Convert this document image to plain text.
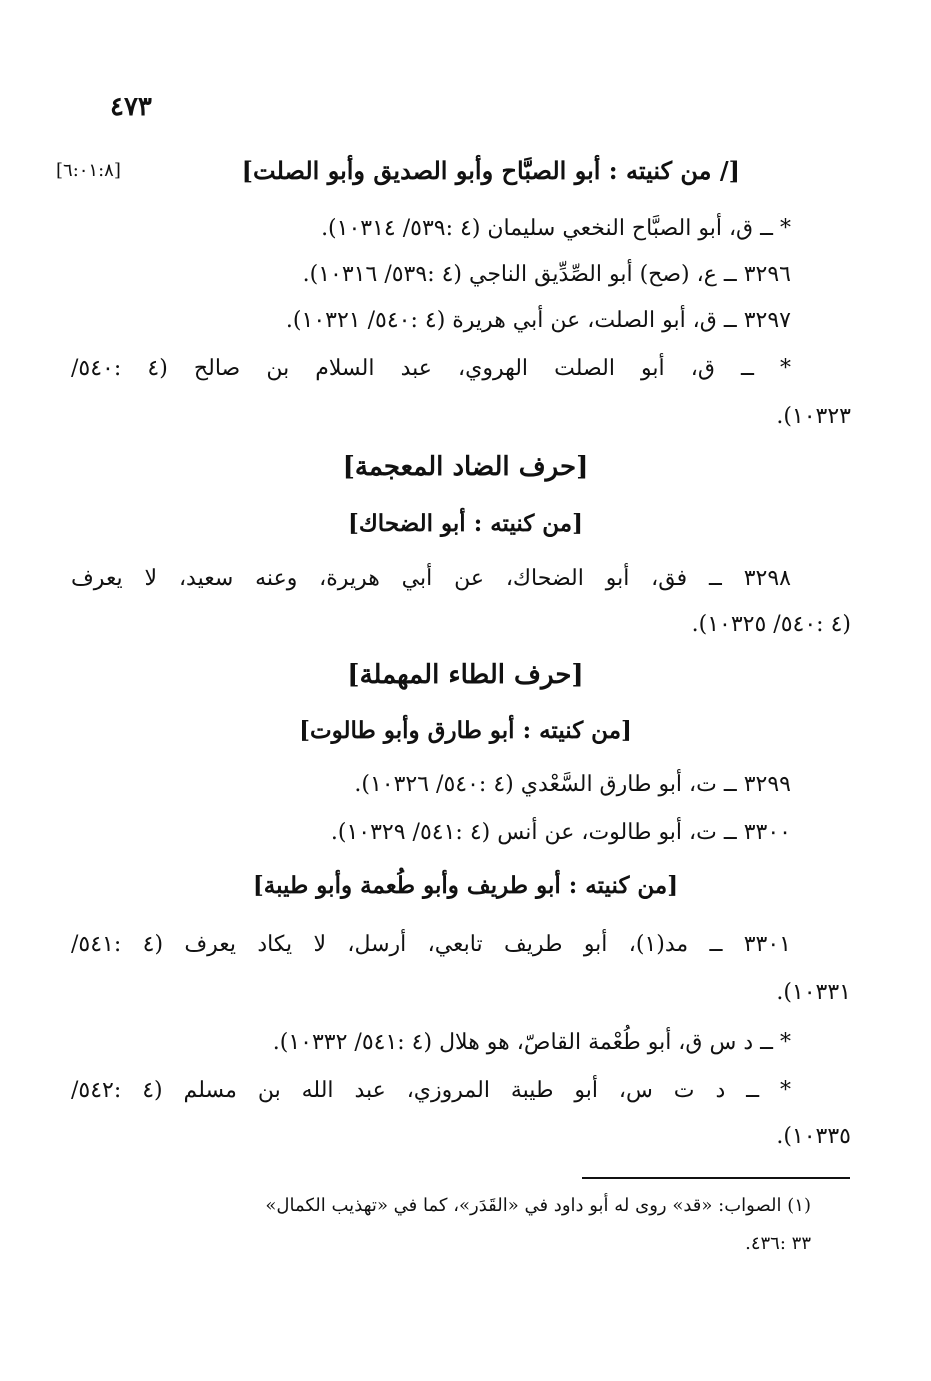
٤٧٣
[٦:٠١:٨]	[/ من كنيته : أبو الصبَّاح وأبو الصديق وأبو الصلت]
* ــ ق، أبو الصبَّاح النخعي سليمان (٤ :٥٣٩/ ١٠٣١٤).
٣٢٩٦ ــ ع، (صح) أبو الصِّدِّيق الناجي (٤ :٥٣٩/ ١٠٣١٦).
٣٢٩٧ ــ ق، أبو الصلت، عن أبي هريرة (٤ :٥٤٠/ ١٠٣٢١).
* ــ ق، أبو الصلت الهروي، عبد السلام بن صالح (٤ :٥٤٠/
١٠٣٢٣).
[حرف الضاد المعجمة]
[من كنيته : أبو الضحاك]
٣٢٩٨ ــ فق، أبو الضحاك، عن أبي هريرة، وعنه سعيد، لا يعرف
(٤ :٥٤٠/ ١٠٣٢٥).
[حرف الطاء المهملة]
[من كنيته : أبو طارق وأبو طالوت]
٣٢٩٩ ــ ت، أبو طارق السَّعْدي (٤ :٥٤٠/ ١٠٣٢٦).
٣٣٠٠ ــ ت، أبو طالوت، عن أنس (٤ :٥٤١/ ١٠٣٢٩).
[من كنيته : أبو طريف وأبو طُعمة وأبو طيبة]
٣٣٠١ ــ مد(١)، أبو طريف تابعي، أرسل، لا يكاد يعرف (٤ :٥٤١/
١٠٣٣١).
* ــ د س ق، أبو طُعْمة القاصّ، هو هلال (٤ :٥٤١/ ١٠٣٣٢).
* ــ د ت س، أبو طيبة المروزي، عبد الله بن مسلم (٤ :٥٤٢/
١٠٣٣٥).
(١) الصواب: «قد» روى له أبو داود في «القَدَر»، كما في «تهذيب الكمال»
٣٣ :٤٣٦.
